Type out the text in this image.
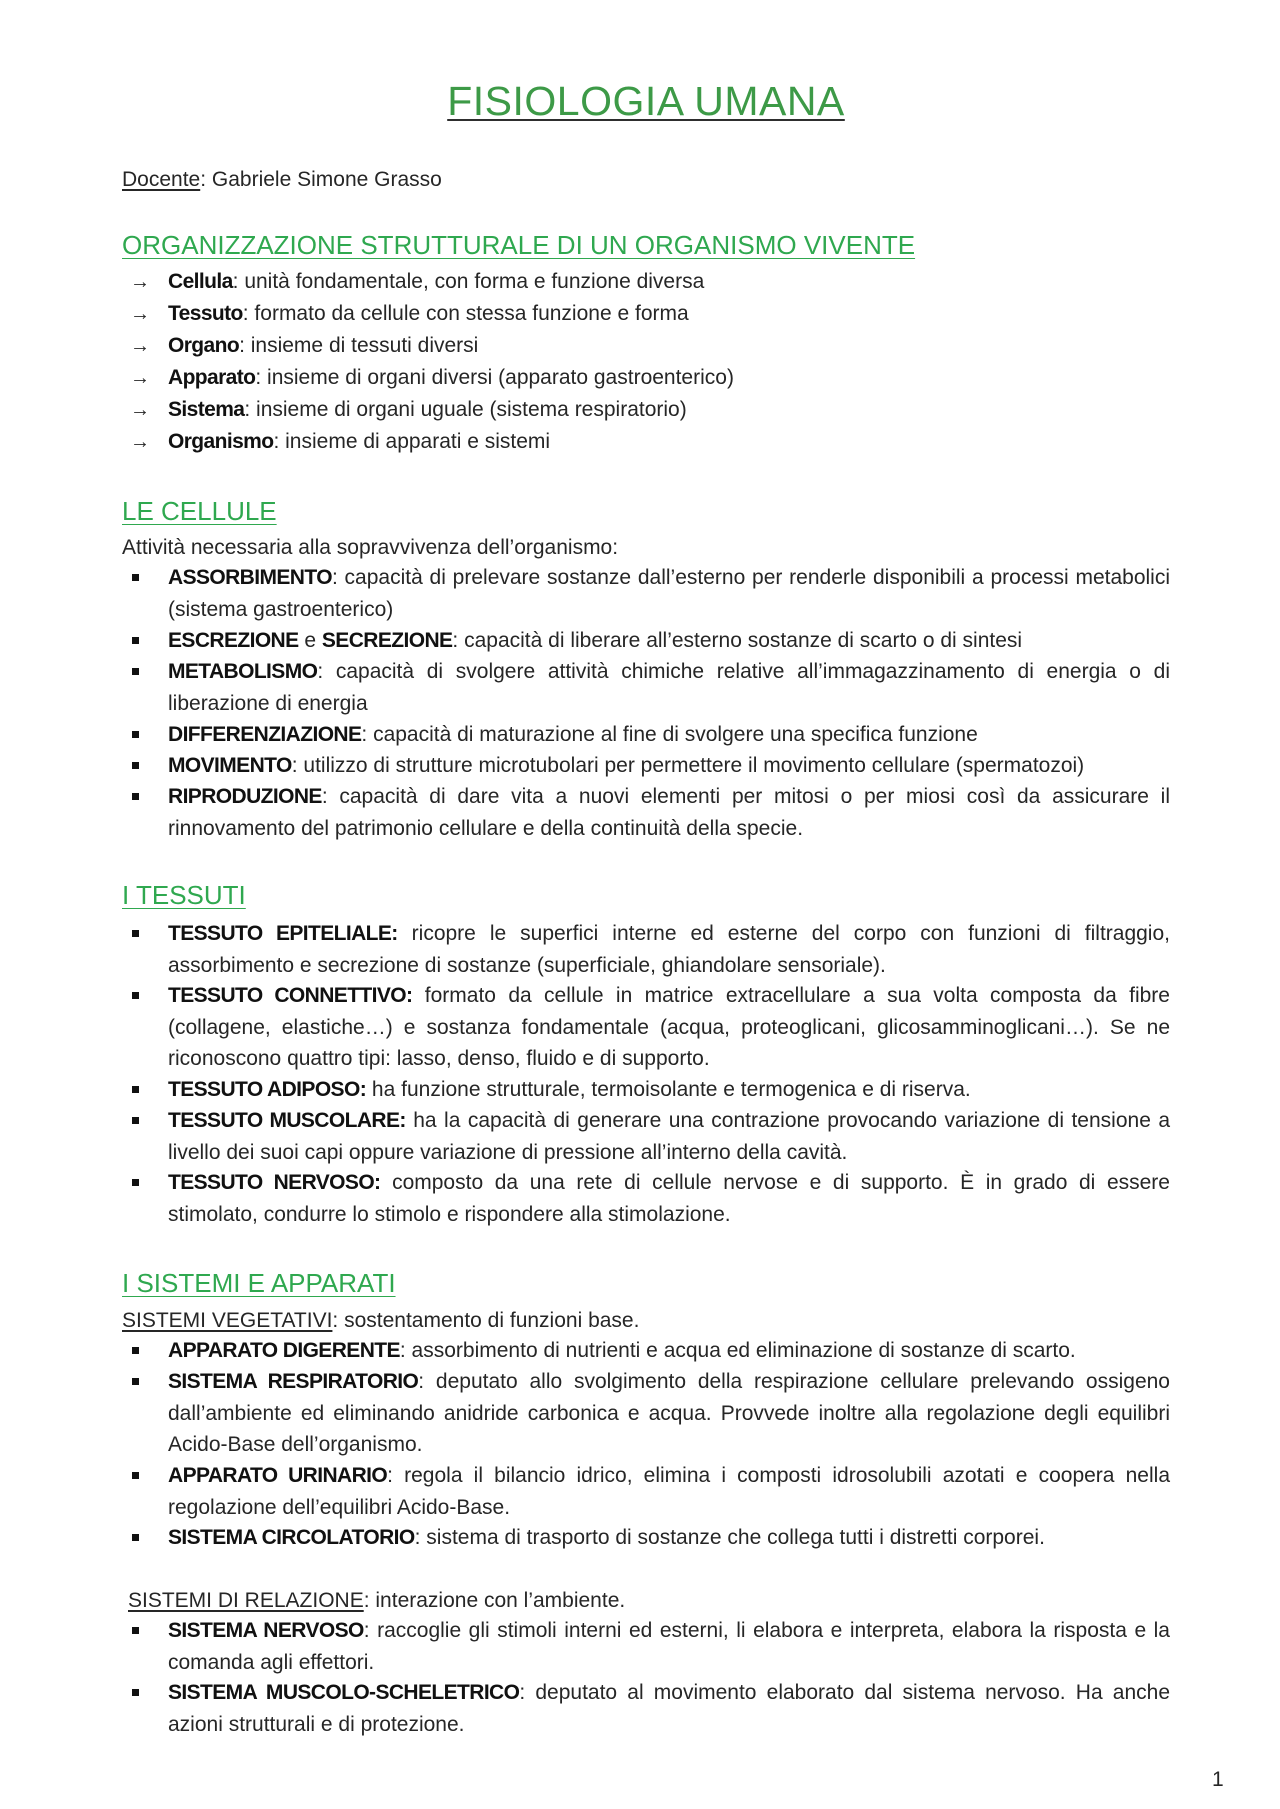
FISIOLOGIA UMANA
Docente: Gabriele Simone Grasso
ORGANIZZAZIONE STRUTTURALE DI UN ORGANISMO VIVENTE
→ Cellula: unità fondamentale, con forma e funzione diversa
→ Tessuto: formato da cellule con stessa funzione e forma
→ Organo: insieme di tessuti diversi
→ Apparato: insieme di organi diversi (apparato gastroenterico)
→ Sistema: insieme di organi uguale (sistema respiratorio)
→ Organismo: insieme di apparati e sistemi
LE CELLULE
Attività necessaria alla sopravvivenza dell’organismo:
ASSORBIMENTO: capacità di prelevare sostanze dall’esterno per renderle disponibili a processi metabolici (sistema gastroenterico)
ESCREZIONE e SECREZIONE: capacità di liberare all’esterno sostanze di scarto o di sintesi
METABOLISMO: capacità di svolgere attività chimiche relative all’immagazzinamento di energia o di liberazione di energia
DIFFERENZIAZIONE: capacità di maturazione al fine di svolgere una specifica funzione
MOVIMENTO: utilizzo di strutture microtubolari per permettere il movimento cellulare (spermatozoi)
RIPRODUZIONE: capacità di dare vita a nuovi elementi per mitosi o per miosi così da assicurare il rinnovamento del patrimonio cellulare e della continuità della specie.
I TESSUTI
TESSUTO EPITELIALE: ricopre le superfici interne ed esterne del corpo con funzioni di filtraggio, assorbimento e secrezione di sostanze (superficiale, ghiandolare sensoriale).
TESSUTO CONNETTIVO: formato da cellule in matrice extracellulare a sua volta composta da fibre (collagene, elastiche…) e sostanza fondamentale (acqua, proteoglicani, glicosamminoglicani…). Se ne riconoscono quattro tipi: lasso, denso, fluido e di supporto.
TESSUTO ADIPOSO: ha funzione strutturale, termoisolante e termogenica e di riserva.
TESSUTO MUSCOLARE: ha la capacità di generare una contrazione provocando variazione di tensione a livello dei suoi capi oppure variazione di pressione all’interno della cavità.
TESSUTO NERVOSO: composto da una rete di cellule nervose e di supporto. È in grado di essere stimolato, condurre lo stimolo e rispondere alla stimolazione.
I SISTEMI E APPARATI
SISTEMI VEGETATIVI: sostentamento di funzioni base.
APPARATO DIGERENTE: assorbimento di nutrienti e acqua ed eliminazione di sostanze di scarto.
SISTEMA RESPIRATORIO: deputato allo svolgimento della respirazione cellulare prelevando ossigeno dall’ambiente ed eliminando anidride carbonica e acqua. Provvede inoltre alla regolazione degli equilibri Acido-Base dell’organismo.
APPARATO URINARIO: regola il bilancio idrico, elimina i composti idrosolubili azotati e coopera nella regolazione dell’equilibri Acido-Base.
SISTEMA CIRCOLATORIO: sistema di trasporto di sostanze che collega tutti i distretti corporei.
SISTEMI DI RELAZIONE: interazione con l’ambiente.
SISTEMA NERVOSO: raccoglie gli stimoli interni ed esterni, li elabora e interpreta, elabora la risposta e la comanda agli effettori.
SISTEMA MUSCOLO-SCHELETRICO: deputato al movimento elaborato dal sistema nervoso. Ha anche azioni strutturali e di protezione.
1
